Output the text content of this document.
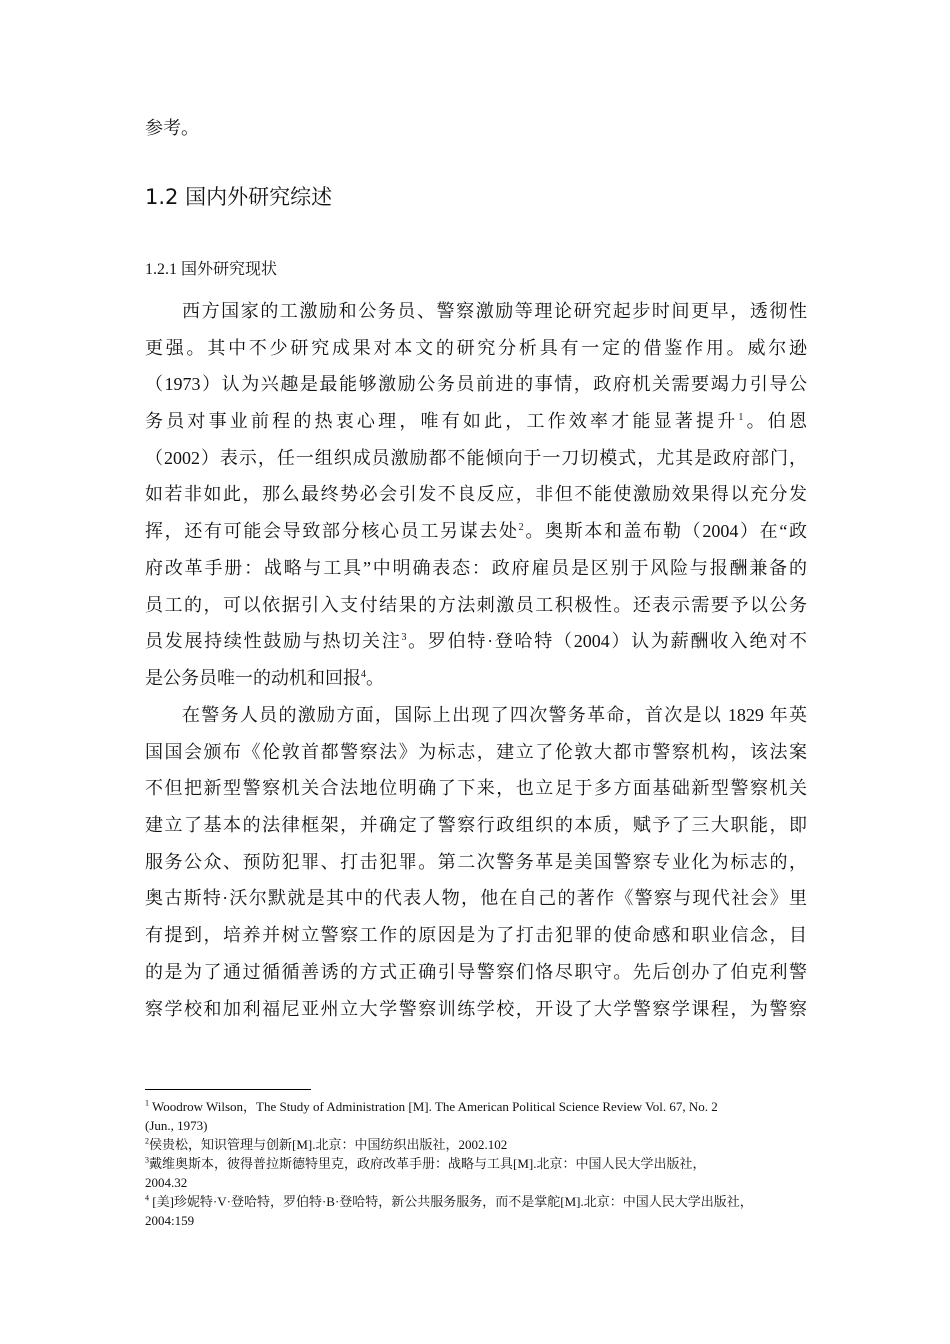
参考。
1.2 国内外研究综述
1.2.1 国外研究现状
西方国家的工激励和公务员、警察激励等理论研究起步时间更早，透彻性
更强。其中不少研究成果对本文的研究分析具有一定的借鉴作用。威尔逊
（1973）认为兴趣是最能够激励公务员前进的事情，政府机关需要竭力引导公
务员对事业前程的热衷心理，唯有如此，工作效率才能显著提升$^1$。伯恩
（2002）表示，任一组织成员激励都不能倾向于一刀切模式，尤其是政府部门，
如若非如此，那么最终势必会引发不良反应，非但不能使激励效果得以充分发
挥，还有可能会导致部分核心员工另谋去处$^2$。奥斯本和盖布勒（2004）在“政
府改革手册：战略与工具”中明确表态：政府雇员是区别于风险与报酬兼备的
员工的，可以依据引入支付结果的方法刺激员工积极性。还表示需要予以公务
员发展持续性鼓励与热切关注$^3$。罗伯特·登哈特（2004）认为薪酬收入绝对不
是公务员唯一的动机和回报$^4$。
在警务人员的激励方面，国际上出现了四次警务革命，首次是以 1829 年英
国国会颁布《伦敦首都警察法》为标志，建立了伦敦大都市警察机构，该法案
不但把新型警察机关合法地位明确了下来，也立足于多方面基础新型警察机关
建立了基本的法律框架，并确定了警察行政组织的本质，赋予了三大职能，即
服务公众、预防犯罪、打击犯罪。第二次警务革是美国警察专业化为标志的，
奥古斯特·沃尔默就是其中的代表人物，他在自己的著作《警察与现代社会》里
有提到，培养并树立警察工作的原因是为了打击犯罪的使命感和职业信念，目
的是为了通过循循善诱的方式正确引导警察们恪尽职守。先后创办了伯克利警
察学校和加利福尼亚州立大学警察训练学校，开设了大学警察学课程，为警察
$^1$ Woodrow Wilson，The Study of Administration [M]. The American Political Science Review Vol. 67, No. 2
(Jun., 1973)
$^2$侯贵松，知识管理与创新[M].北京：中国纺织出版社，2002.102
$^3$戴维奥斯本，彼得普拉斯德特里克，政府改革手册：战略与工具[M].北京：中国人民大学出版社，
2004.32
$^4$ [美]珍妮特·V·登哈特，罗伯特·B·登哈特，新公共服务服务，而不是掌舵[M].北京：中国人民大学出版社，
2004:159
